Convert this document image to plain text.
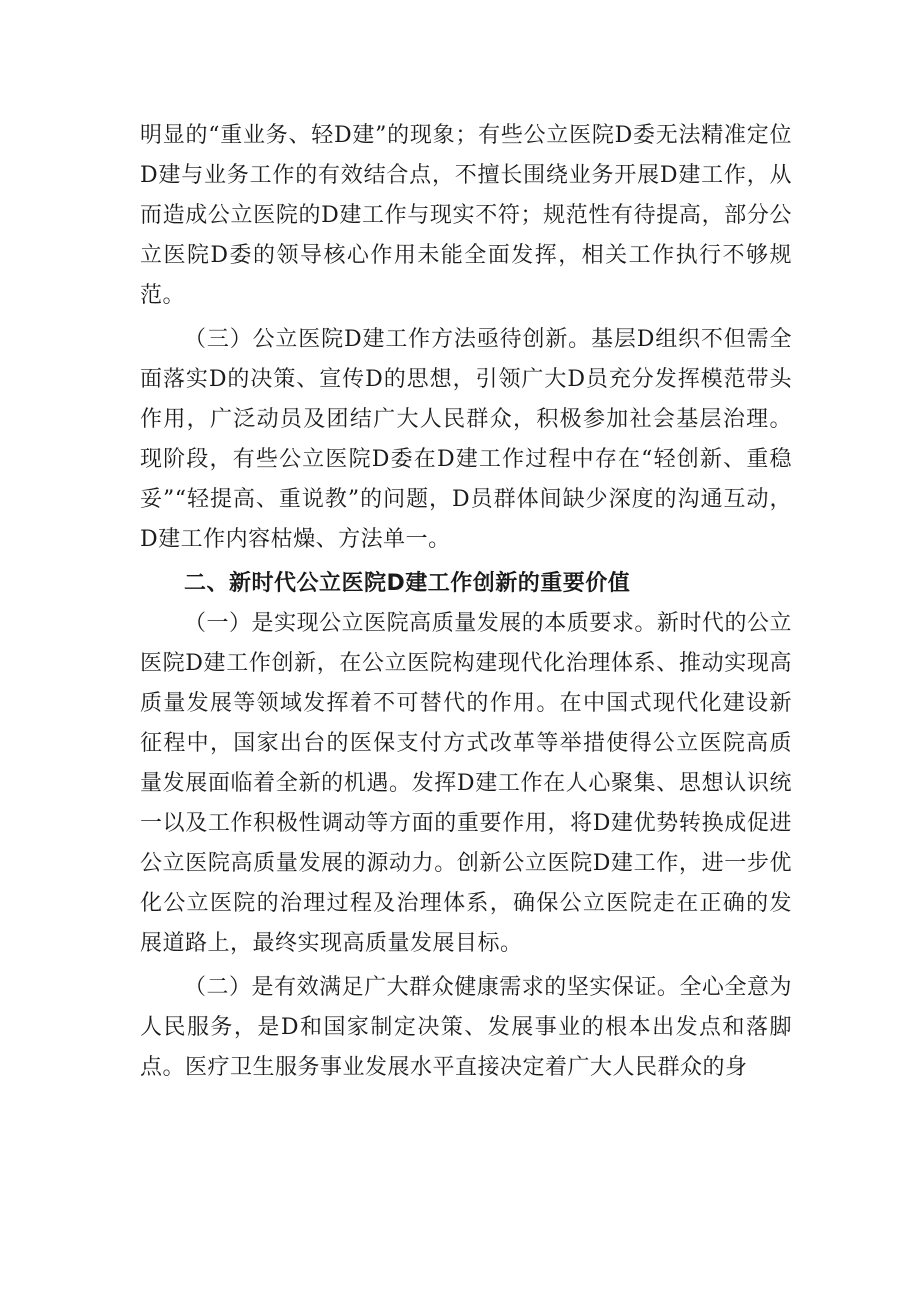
明显的“重业务、轻D建”的现象；有些公立医院D委无法精准定位D建与业务工作的有效结合点，不擅长围绕业务开展D建工作，从而造成公立医院的D建工作与现实不符；规范性有待提高，部分公立医院D委的领导核心作用未能全面发挥，相关工作执行不够规范。

（三）公立医院D建工作方法亟待创新。基层D组织不但需全面落实D的决策、宣传D的思想，引领广大D员充分发挥模范带头作用，广泛动员及团结广大人民群众，积极参加社会基层治理。现阶段，有些公立医院D委在D建工作过程中存在“轻创新、重稳妥”“轻提高、重说教”的问题，D员群体间缺少深度的沟通互动，D建工作内容枯燥、方法单一。

二、新时代公立医院D建工作创新的重要价值

（一）是实现公立医院高质量发展的本质要求。新时代的公立医院D建工作创新，在公立医院构建现代化治理体系、推动实现高质量发展等领域发挥着不可替代的作用。在中国式现代化建设新征程中，国家出台的医保支付方式改革等举措使得公立医院高质量发展面临着全新的机遇。发挥D建工作在人心聚集、思想认识统一以及工作积极性调动等方面的重要作用，将D建优势转换成促进公立医院高质量发展的源动力。创新公立医院D建工作，进一步优化公立医院的治理过程及治理体系，确保公立医院走在正确的发展道路上，最终实现高质量发展目标。

（二）是有效满足广大群众健康需求的坚实保证。全心全意为人民服务，是D和国家制定决策、发展事业的根本出发点和落脚点。医疗卫生服务事业发展水平直接决定着广大人民群众的身
